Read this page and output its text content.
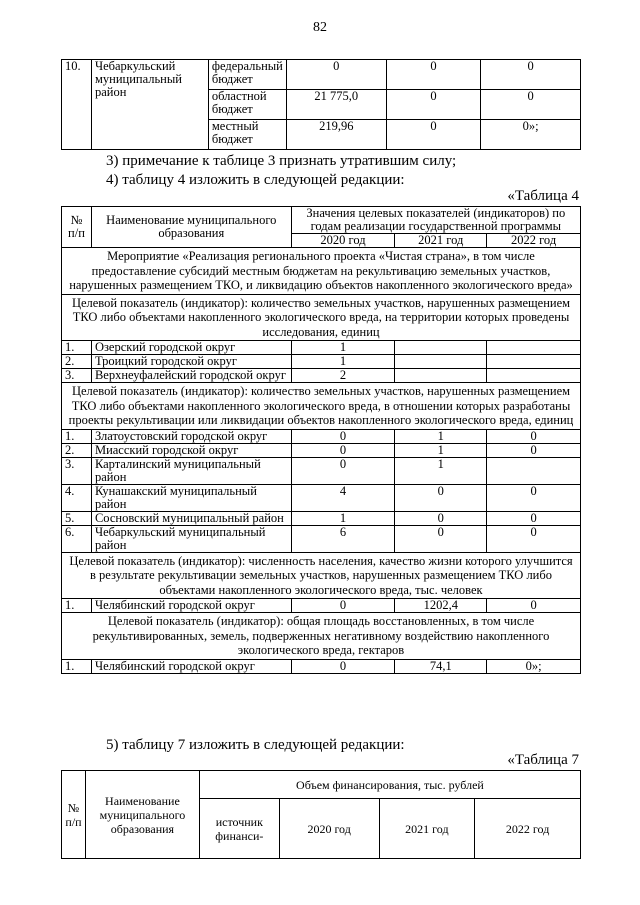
82
10.	Чебаркульский муниципальный район	федеральный бюджет	0	0	0
		областной бюджет	21 775,0	0	0
		местный бюджет	219,96	0	0»;
3) примечание к таблице 3 признать утратившим силу;
4) таблицу 4 изложить в следующей редакции:
«Таблица 4
№ п/п	Наименование муниципального образования	Значения целевых показателей (индикаторов) по годам реализации государственной программы		
		2020 год	2021 год	2022 год
Мероприятие «Реализация регионального проекта «Чистая страна», в том числе предоставление субсидий местным бюджетам на рекультивацию земельных участков, нарушенных размещением ТКО, и ликвидацию объектов накопленного экологического вреда»				
Целевой показатель (индикатор): количество земельных участков, нарушенных размещением ТКО либо объектами накопленного экологического вреда, на территории которых проведены исследования, единиц				
1.	Озерский городской округ	1		
2.	Троицкий городской округ	1		
3.	Верхнеуфалейский городской округ	2		
Целевой показатель (индикатор): количество земельных участков, нарушенных размещением ТКО либо объектами накопленного экологического вреда, в отношении которых разработаны проекты рекультивации или ликвидации объектов накопленного экологического вреда, единиц				
1.	Златоустовский городской округ	0	1	0
2.	Миасский городской округ	0	1	0
3.	Карталинский муниципальный район	0	1	
4.	Кунашакский муниципальный район	4	0	0
5.	Сосновский муниципальный район	1	0	0
6.	Чебаркульский муниципальный район	6	0	0
Целевой показатель (индикатор): численность населения, качество жизни которого улучшится в результате рекультивации земельных участков, нарушенных размещением ТКО либо объектами накопленного экологического вреда, тыс. человек				
1.	Челябинский городской округ	0	1202,4	0
Целевой показатель (индикатор): общая площадь восстановленных, в том числе рекультивированных, земель, подверженных негативному воздействию накопленного экологического вреда, гектаров				
1.	Челябинский городской округ	0	74,1	0»;
5) таблицу 7 изложить в следующей редакции:
«Таблица 7
№ п/п	Наименование муниципального образования	Объем финансирования, тыс. рублей			
		источник финанси-	2020 год	2021 год	2022 год
